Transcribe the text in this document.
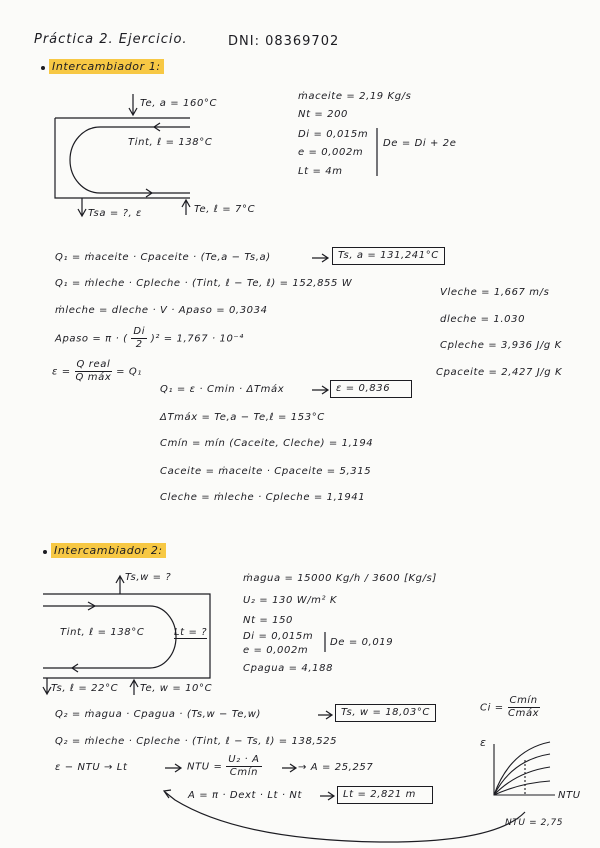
Práctica 2. Ejercicio.	DNI: 08369702
Intercambiador 1:
Te, a = 160°C
Tint, ℓ = 138°C
Tsa = ?, ε	Te, ℓ = 7°C
ṁaceite = 2,19 Kg/s
Nt = 200
Di = 0,015m
e = 0,002m
Lt = 4m
De = Di + 2e
Q₁ = ṁaceite · Cpaceite · (Te,a − Ts,a)	Ts, a = 131,241°C
Q₁ = ṁleche · Cpleche · (Tint, ℓ − Te, ℓ) = 152,855 W
ṁleche = dleche · V · Apaso = 0,3034
Apaso = π · ( $\frac{Di}{2} )^2 = 1,767 \cdot 10^{-4}$
ε =
Q real
Q máx = Q₁
Q₁ = ε · Cmin · ΔTmáx	ε = 0,836
ΔTmáx = Te,a − Te,ℓ = 153°C
Cmín = mín (Caceite, Cleche) = 1,194
Caceite = ṁaceite · Cpaceite = 5,315
Cleche = ṁleche · Cpleche = 1,1941
Vleche = 1,667 m/s
dleche = 1.030
Cpleche = 3,936 J/g K
Cpaceite = 2,427 J/g K
Intercambiador 2:
Ts,w = ?
Tint, ℓ = 138°C	Lt = ?
Ts, ℓ = 22°C Te, w = 10°C
ṁagua = 15000 Kg/h / 3600 [Kg/s]
U₂ = 130 W/m² K
Nt = 150
Di = 0,015m
e = 0,002m
Cpagua = 4,188
De = 0,019
Q₂ = ṁagua · Cpagua · (Ts,w − Te,w)	Ts, w = 18,03°C
Q₂ = ṁleche · Cpleche · (Tint, ℓ − Ts, ℓ) = 138,525
ε − NTU → Lt	NTU =
U₂ · A
Cmín	→ A = 25,257
A = π · Dext · Lt · Nt	Lt = 2,821 m
Ci =
Cmín
Cmáx
ε
NTU
NTU = 2,75
